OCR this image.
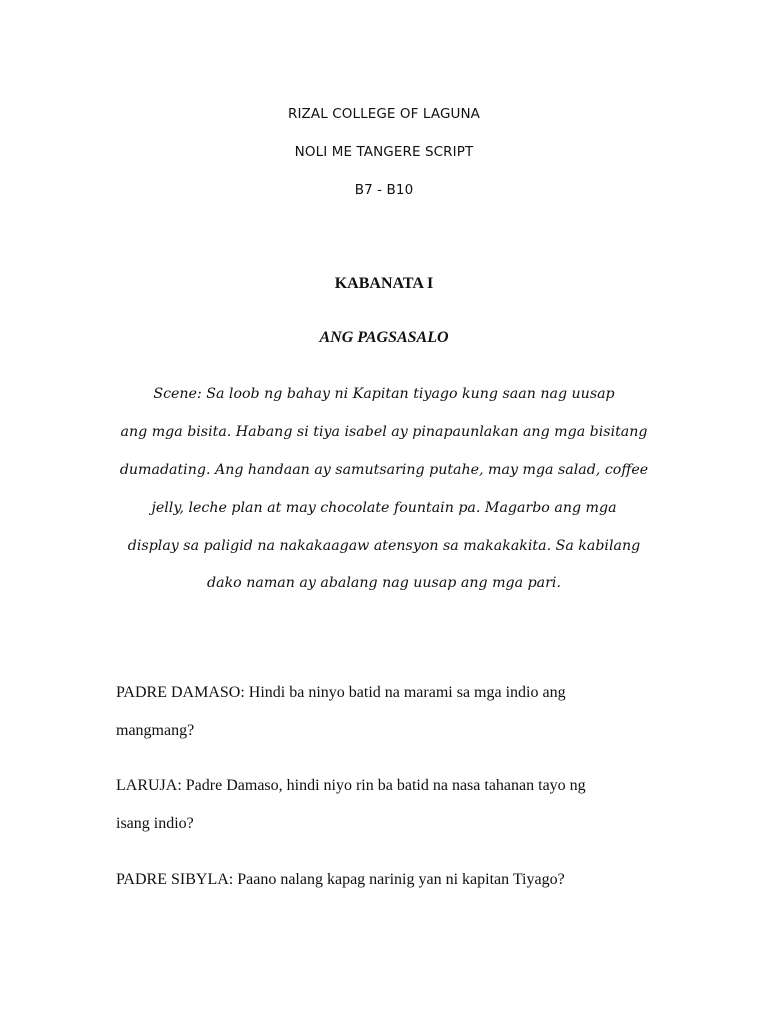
RIZAL COLLEGE OF LAGUNA
NOLI ME TANGERE SCRIPT
B7 - B10
KABANATA I
ANG PAGSASALO
Scene: Sa loob ng bahay ni Kapitan tiyago kung saan nag uusap
ang mga bisita. Habang si tiya isabel ay pinapaunlakan ang mga bisitang
dumadating. Ang handaan ay samutsaring putahe, may mga salad, coffee
jelly, leche plan at may chocolate fountain pa. Magarbo ang mga
display sa paligid na nakakaagaw atensyon sa makakakita. Sa kabilang
dako naman ay abalang nag uusap ang mga pari.
PADRE DAMASO: Hindi ba ninyo batid na marami sa mga indio ang
mangmang?
LARUJA: Padre Damaso, hindi niyo rin ba batid na nasa tahanan tayo ng
isang indio?
PADRE SIBYLA: Paano nalang kapag narinig yan ni kapitan Tiyago?
